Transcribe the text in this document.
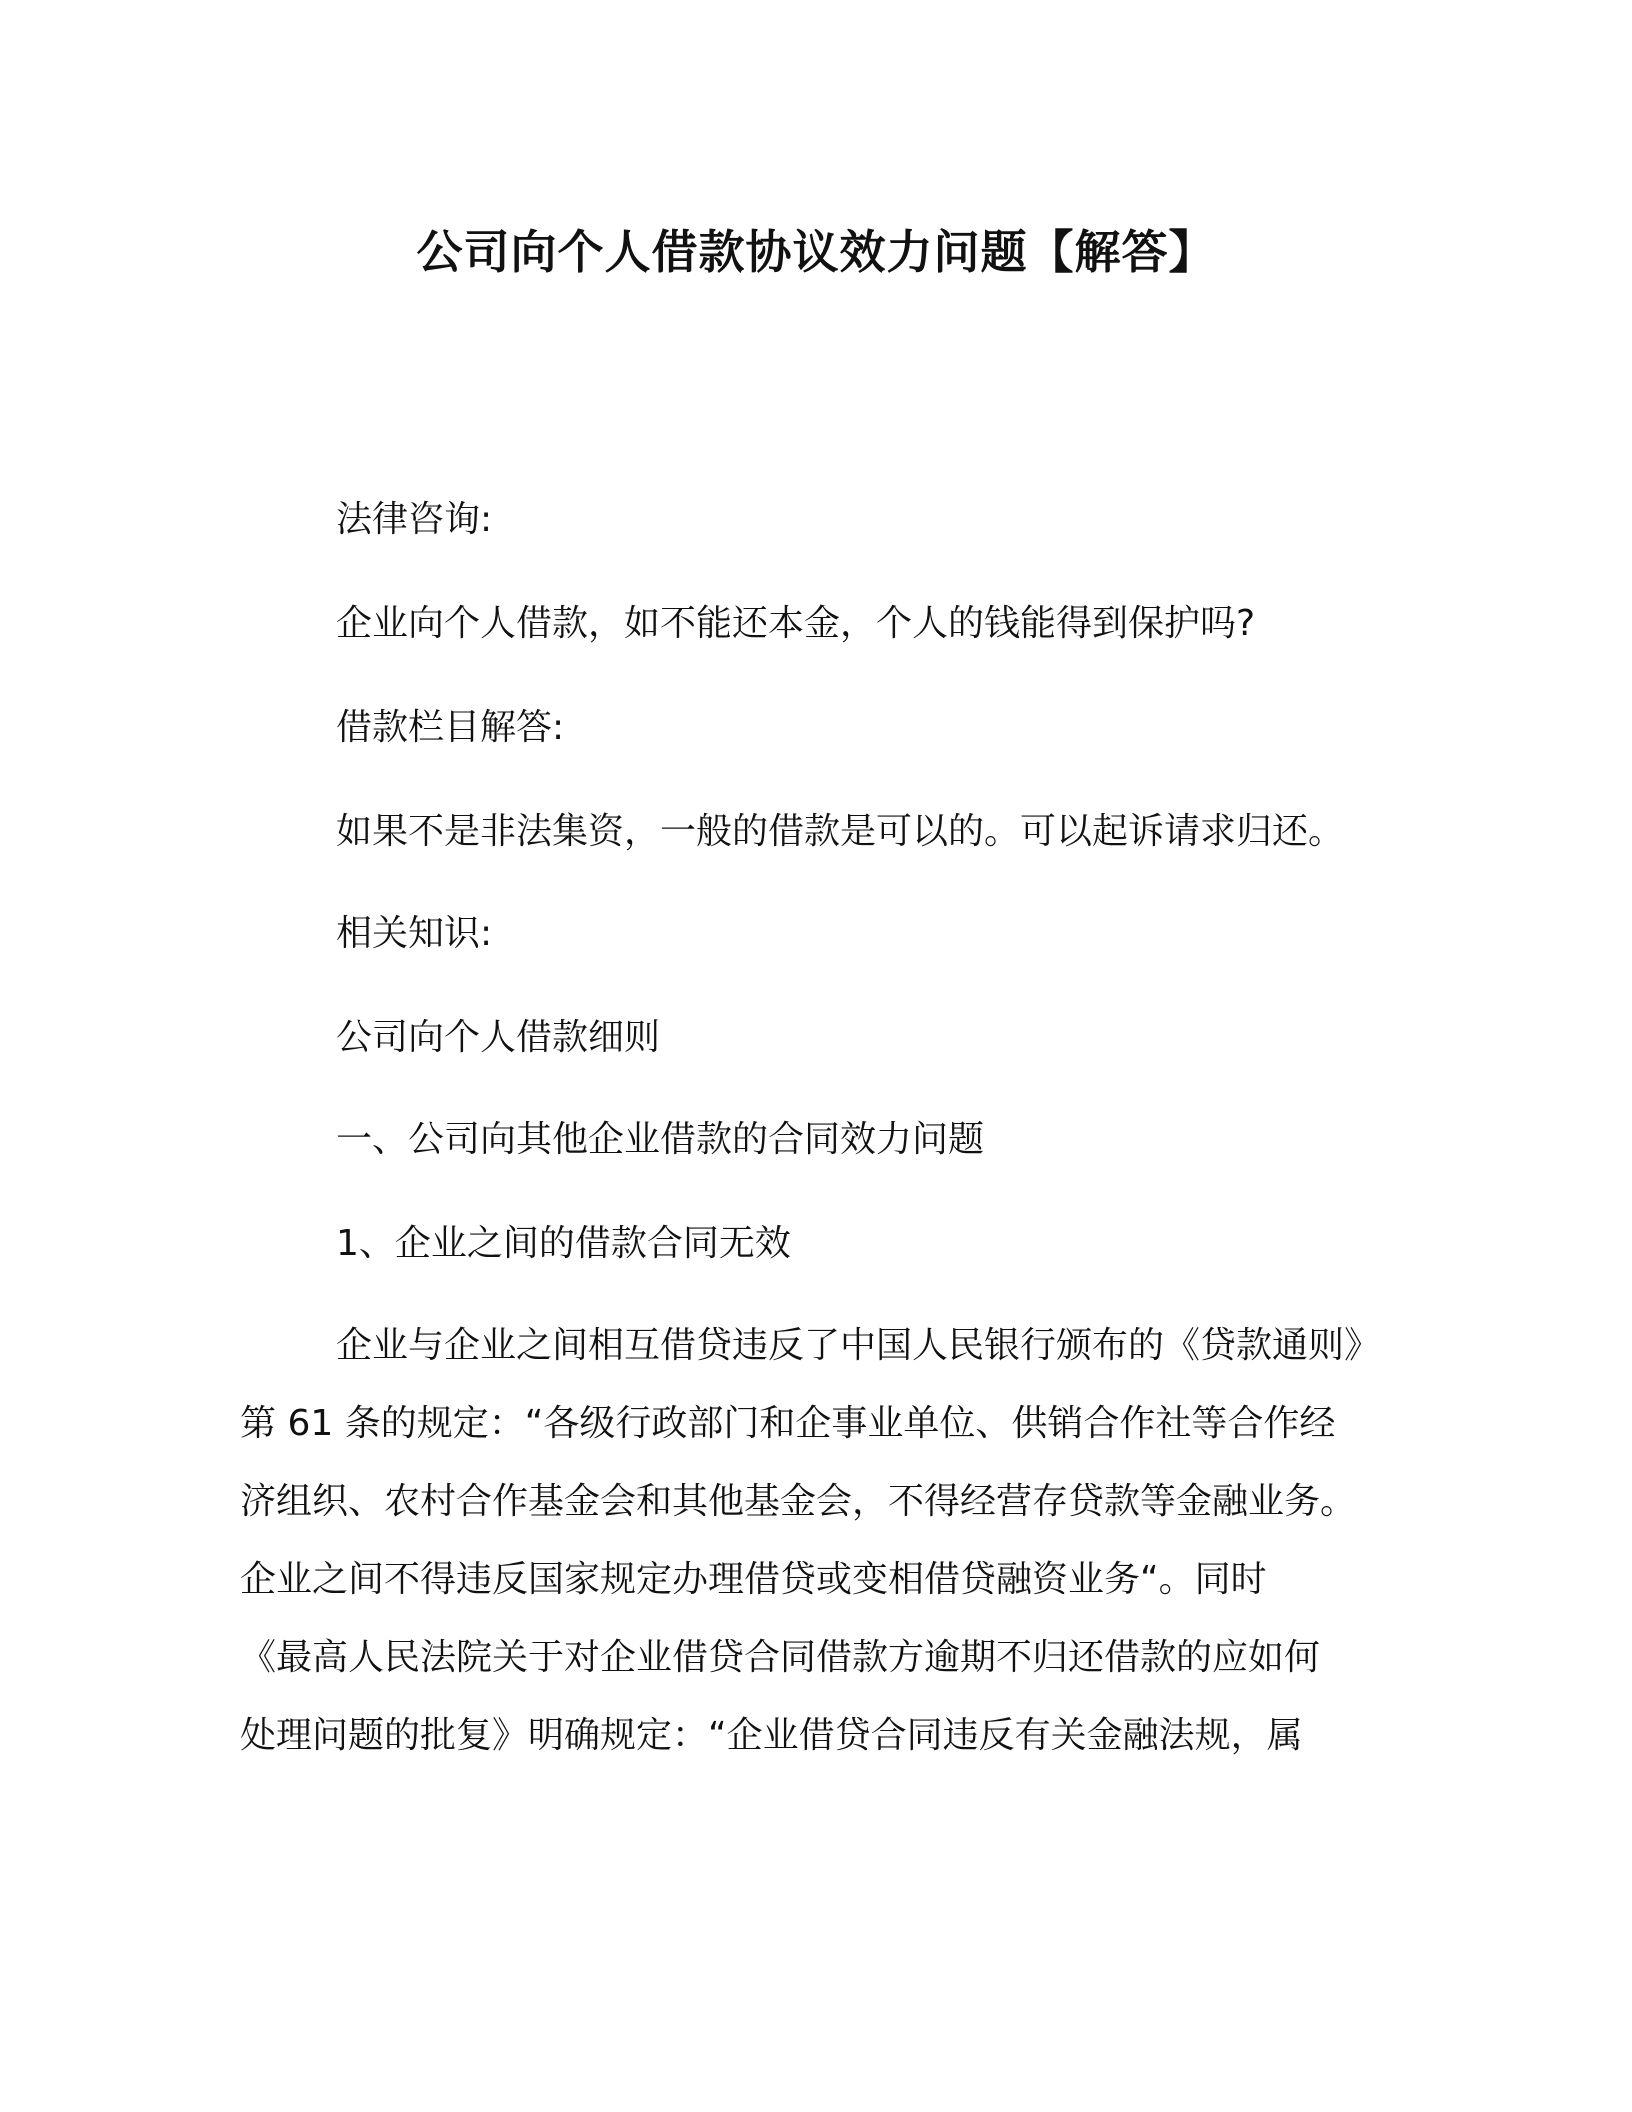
公司向个人借款协议效力问题【解答】
法律咨询:
企业向个人借款，如不能还本金，个人的钱能得到保护吗?
借款栏目解答:
如果不是非法集资，一般的借款是可以的。可以起诉请求归还。
相关知识:
公司向个人借款细则
一、公司向其他企业借款的合同效力问题
1、企业之间的借款合同无效
企业与企业之间相互借贷违反了中国人民银行颁布的《贷款通则》
第 61 条的规定：“各级行政部门和企事业单位、供销合作社等合作经
济组织、农村合作基金会和其他基金会，不得经营存贷款等金融业务。
企业之间不得违反国家规定办理借贷或变相借贷融资业务“。同时
《最高人民法院关于对企业借贷合同借款方逾期不归还借款的应如何
处理问题的批复》明确规定：“企业借贷合同违反有关金融法规，属
